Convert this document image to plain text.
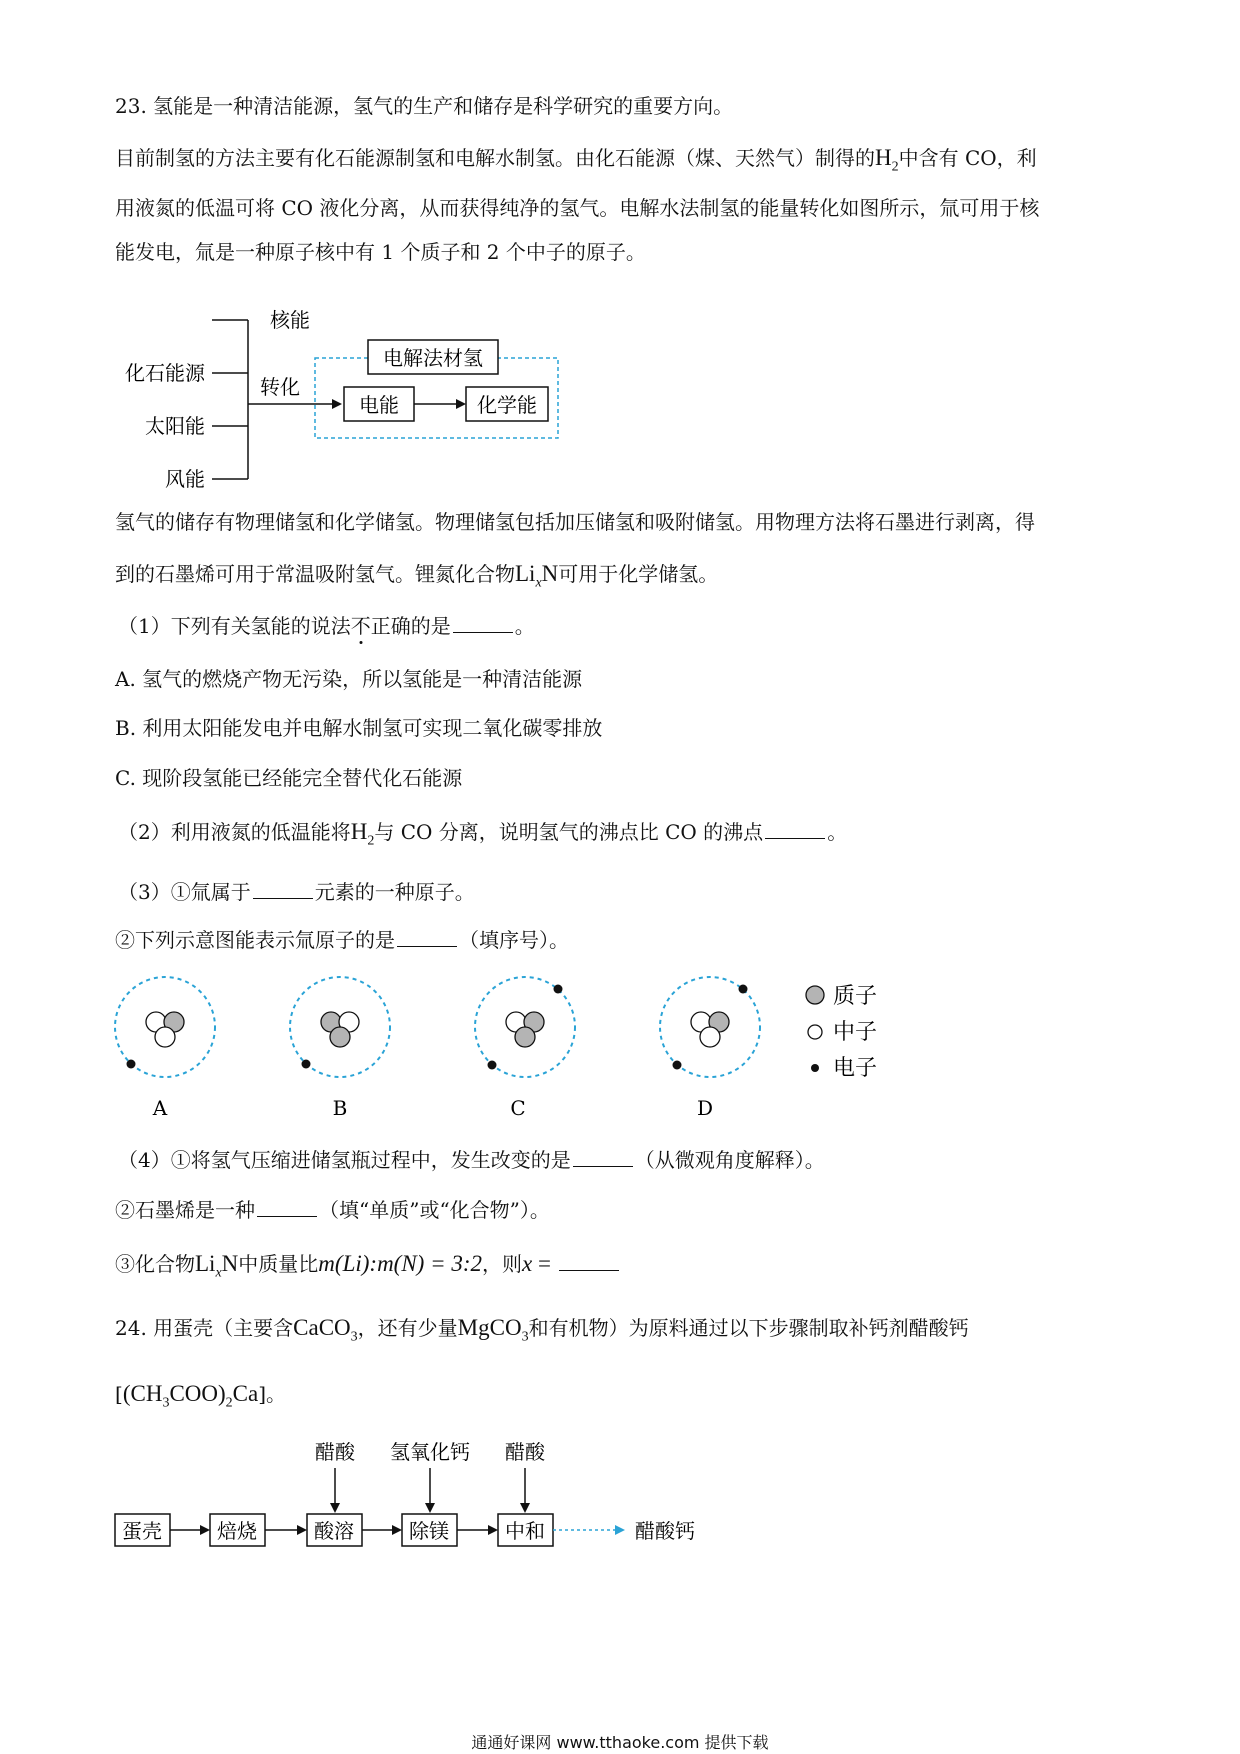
23. 氢能是一种清洁能源，氢气的生产和储存是科学研究的重要方向。
目前制氢的方法主要有化石能源制氢和电解水制氢。由化石能源（煤、天然气）制得的$H_2$中含有 CO，利
用液氮的低温可将 CO 液化分离，从而获得纯净的氢气。电解水法制氢的能量转化如图所示，氚可用于核
能发电，氚是一种原子核中有 1 个质子和 2 个中子的原子。
核能
化石能源
太阳能
风能
转化
电解法材氢
电能	化学能
氢气的储存有物理储氢和化学储氢。物理储氢包括加压储氢和吸附储氢。用物理方法将石墨进行剥离，得
到的石墨烯可用于常温吸附氢气。锂氮化合物$Li_xN$可用于化学储氢。
（1）下列有关氢能的说法不正确的是	。
A. 氢气的燃烧产物无污染，所以氢能是一种清洁能源
B. 利用太阳能发电并电解水制氢可实现二氧化碳零排放
C. 现阶段氢能已经能完全替代化石能源
（2）利用液氮的低温能将$H_2$与 CO 分离，说明氢气的沸点比 CO 的沸点	。
（3）①氚属于	元素的一种原子。
②下列示意图能表示氚原子的是	（填序号）。
A	B	C	D
质子
中子
电子
（4）①将氢气压缩进储氢瓶过程中，发生改变的是	（从微观角度解释）。
②石墨烯是一种	（填“单质”或“化合物”）。
③化合物$Li_xN$中质量比m(Li):m(N) = 3:2，则x =
24. 用蛋壳（主要含CaCO$_3$，还有少量MgCO$_3$和有机物）为原料通过以下步骤制取补钙剂醋酸钙
$[(CH_3COO)_2Ca]$。
醋酸 氢氧化钙 醋酸
蛋壳	焙烧	酸溶	除镁	中和	醋酸钙
通通好课网 www.tthaoke.com 提供下载
